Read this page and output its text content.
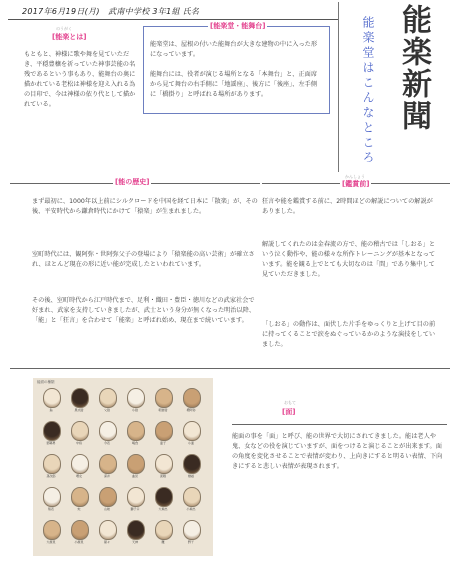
2017年6月19日(月)　武南中学校 3年1組 氏名	能楽新聞
能楽堂はこんなところ
のうがく
[能楽とは]
もともと、神様に歌や舞を見ていただき、平穏豊穣を祈っていた神事芸能の名残であるという事もあり、能舞台の奥に描かれている老松は神様を迎え入れる為の目印で、今は神様の依り代として描かれている。
[能楽堂・能舞台]
能楽堂は、屋根の付いた能舞台が大きな建物の中に入った形になっています。
能舞台には、役者が演じる場所となる「本舞台」と、正面席から見て舞台の右手側に「地謡座」、後方に「後座」、左手側に「橋掛り」と呼ばれる場所があります。
[能の歴史]
まず最初に、1000年以上前にシルクロードを中国を経て日本に「散楽」が、その後、平安時代から鎌倉時代にかけて「猿楽」が生まれました。
室町時代には、観阿弥・世阿弥父子の登場により「猿楽能の高い芸術」が確立され、ほとんど現在の形に近い能が完成したといわれています。
その後、室町時代から江戸時代まで、足利・織田・豊臣・徳川などの武家社会で好まれ、武家を支持していきましたが、武士という身分が無くなった明治以降、「能」と「狂言」を合わせて「能楽」と呼ばれ始め、現在まで続いています。
かんしょう
[鑑賞前]
狂言や能を鑑賞する前に、2時間ほどの解説についての解説がありました。
解説してくれたのは金春流の方で、能の稽古では「しおる」という泣く動作や、能の様々な所作トレーニングが基本となっています。能を観る上でとても大切なのは「間」であり集中して見ていただきました。
「しおる」の動作は、面伏した片手をゆっくりと上げて目の前に持ってくることで涙をぬぐっているかのような演技をしていました。
能面の種類
翁	黒式尉	父尉	小尉	朝倉尉	増阿弥
邯鄲男	中将	今若	喝食	童子	小面
孫次郎	増女	深井	曲見	泥眼	橋姫
般若	蛇	山姥	獅子口	大飛出	小飛出
大癋見	小癋見	猩々	天神	鷹	野干
おもて
[面]
能面の事を「面」と呼び、能の世界で大切にされてきました。能は老人や鬼、女などの役を演じていますが、面をつけると演じることが出来ます。面の角度を変化させることで表情が変わり、上向きにすると明るい表情、下向きにすると悲しい表情が表現されます。
